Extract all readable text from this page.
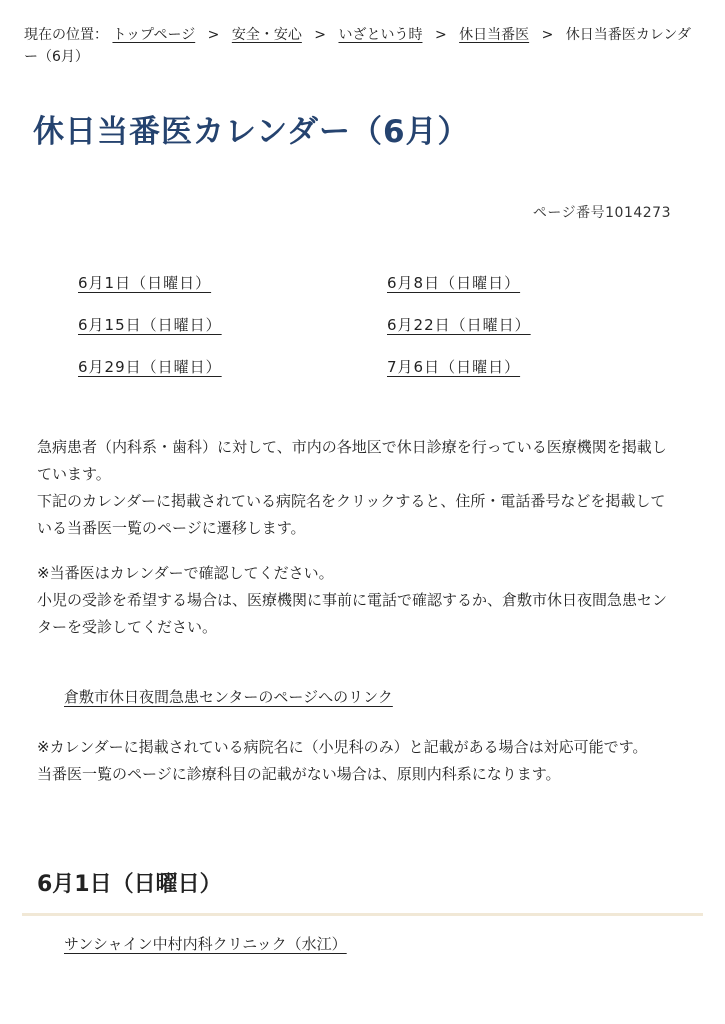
現在の位置： トップページ > 安全・安心 > いざという時 > 休日当番医 > 休日当番医カレンダー（6月）
休日当番医カレンダー（6月）
ページ番号1014273
6月1日（日曜日）	6月8日（日曜日）
6月15日（日曜日）	6月22日（日曜日）
6月29日（日曜日）	7月6日（日曜日）

急病患者（内科系・歯科）に対して、市内の各地区で休日診療を行っている医療機関を掲載しています。
下記のカレンダーに掲載されている病院名をクリックすると、住所・電話番号などを掲載している当番医一覧のページに遷移します。

※当番医はカレンダーで確認してください。
小児の受診を希望する場合は、医療機関に事前に電話で確認するか、倉敷市休日夜間急患センターを受診してください。

倉敷市休日夜間急患センターのページへのリンク

※カレンダーに掲載されている病院名に（小児科のみ）と記載がある場合は対応可能です。
当番医一覧のページに診療科目の記載がない場合は、原則内科系になります。

6月1日（日曜日）
サンシャイン中村内科クリニック（水江）
